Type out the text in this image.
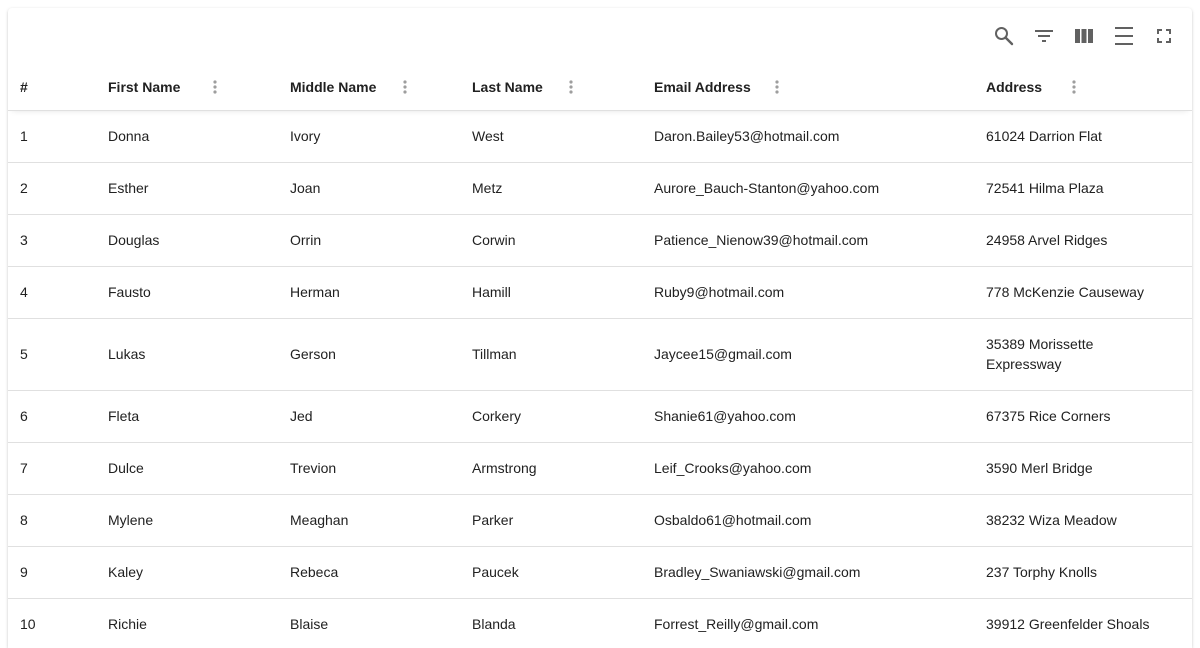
#	First Name	Middle Name	Last Name	Email Address	Address

1	Donna	Ivory	West	Daron.Bailey53@hotmail.com	61024 Darrion Flat
2	Esther	Joan	Metz	Aurore_Bauch-Stanton@yahoo.com	72541 Hilma Plaza
3	Douglas	Orrin	Corwin	Patience_Nienow39@hotmail.com	24958 Arvel Ridges
4	Fausto	Herman	Hamill	Ruby9@hotmail.com	778 McKenzie Causeway
5	Lukas	Gerson	Tillman	Jaycee15@gmail.com	35389 Morissette Expressway
6	Fleta	Jed	Corkery	Shanie61@yahoo.com	67375 Rice Corners
7	Dulce	Trevion	Armstrong	Leif_Crooks@yahoo.com	3590 Merl Bridge
8	Mylene	Meaghan	Parker	Osbaldo61@hotmail.com	38232 Wiza Meadow
9	Kaley	Rebeca	Paucek	Bradley_Swaniawski@gmail.com	237 Torphy Knolls
10	Richie	Blaise	Blanda	Forrest_Reilly@gmail.com	39912 Greenfelder Shoals
